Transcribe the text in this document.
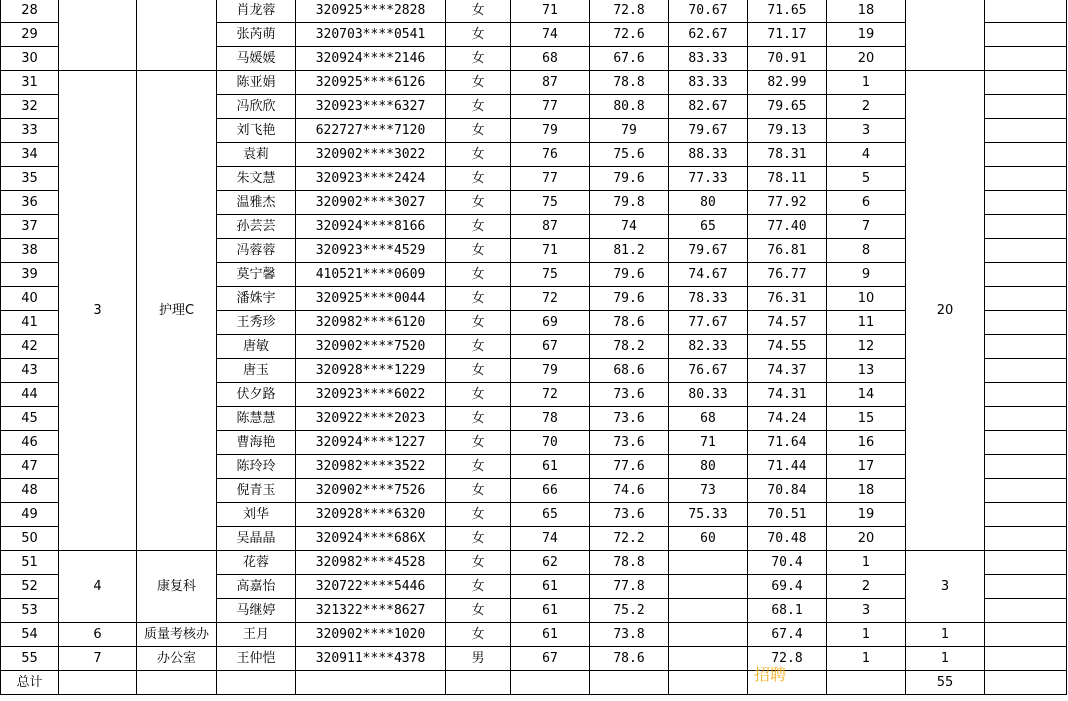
28			肖龙蓉	320925****2828	女	71	72.8	70.67	71.65	18		
29			张芮萌	320703****0541	女	74	72.6	62.67	71.17	19		
30			马媛媛	320924****2146	女	68	67.6	83.33	70.91	20		
31	3	护理C	陈亚娟	320925****6126	女	87	78.8	83.33	82.99	1	20	
32			冯欣欣	320923****6327	女	77	80.8	82.67	79.65	2		
33			刘飞艳	622727****7120	女	79	79	79.67	79.13	3		
34			袁莉	320902****3022	女	76	75.6	88.33	78.31	4		
35			朱文慧	320923****2424	女	77	79.6	77.33	78.11	5		
36			温雅杰	320902****3027	女	75	79.8	80	77.92	6		
37			孙芸芸	320924****8166	女	87	74	65	77.40	7		
38			冯蓉蓉	320923****4529	女	71	81.2	79.67	76.81	8		
39			莫宁馨	410521****0609	女	75	79.6	74.67	76.77	9		
40			潘姝宇	320925****0044	女	72	79.6	78.33	76.31	10		
41			王秀珍	320982****6120	女	69	78.6	77.67	74.57	11		
42			唐敏	320902****7520	女	67	78.2	82.33	74.55	12		
43			唐玉	320928****1229	女	79	68.6	76.67	74.37	13		
44			伏夕路	320923****6022	女	72	73.6	80.33	74.31	14		
45			陈慧慧	320922****2023	女	78	73.6	68	74.24	15		
46			曹海艳	320924****1227	女	70	73.6	71	71.64	16		
47			陈玲玲	320982****3522	女	61	77.6	80	71.44	17		
48			倪青玉	320902****7526	女	66	74.6	73	70.84	18		
49			刘华	320928****6320	女	65	73.6	75.33	70.51	19		
50			吴晶晶	320924****686X	女	74	72.2	60	70.48	20		
51	4	康复科	花蓉	320982****4528	女	62	78.8		70.4	1	3	
52			高嘉怡	320722****5446	女	61	77.8		69.4	2		
53			马继婷	321322****8627	女	61	75.2		68.1	3		
54	6	质量考核办	王月	320902****1020	女	61	73.8		67.4	1	1	
55	7	办公室	王仲恺	320911****4378	男	67	78.6		72.8	1	1	
总计											55	
招聘
